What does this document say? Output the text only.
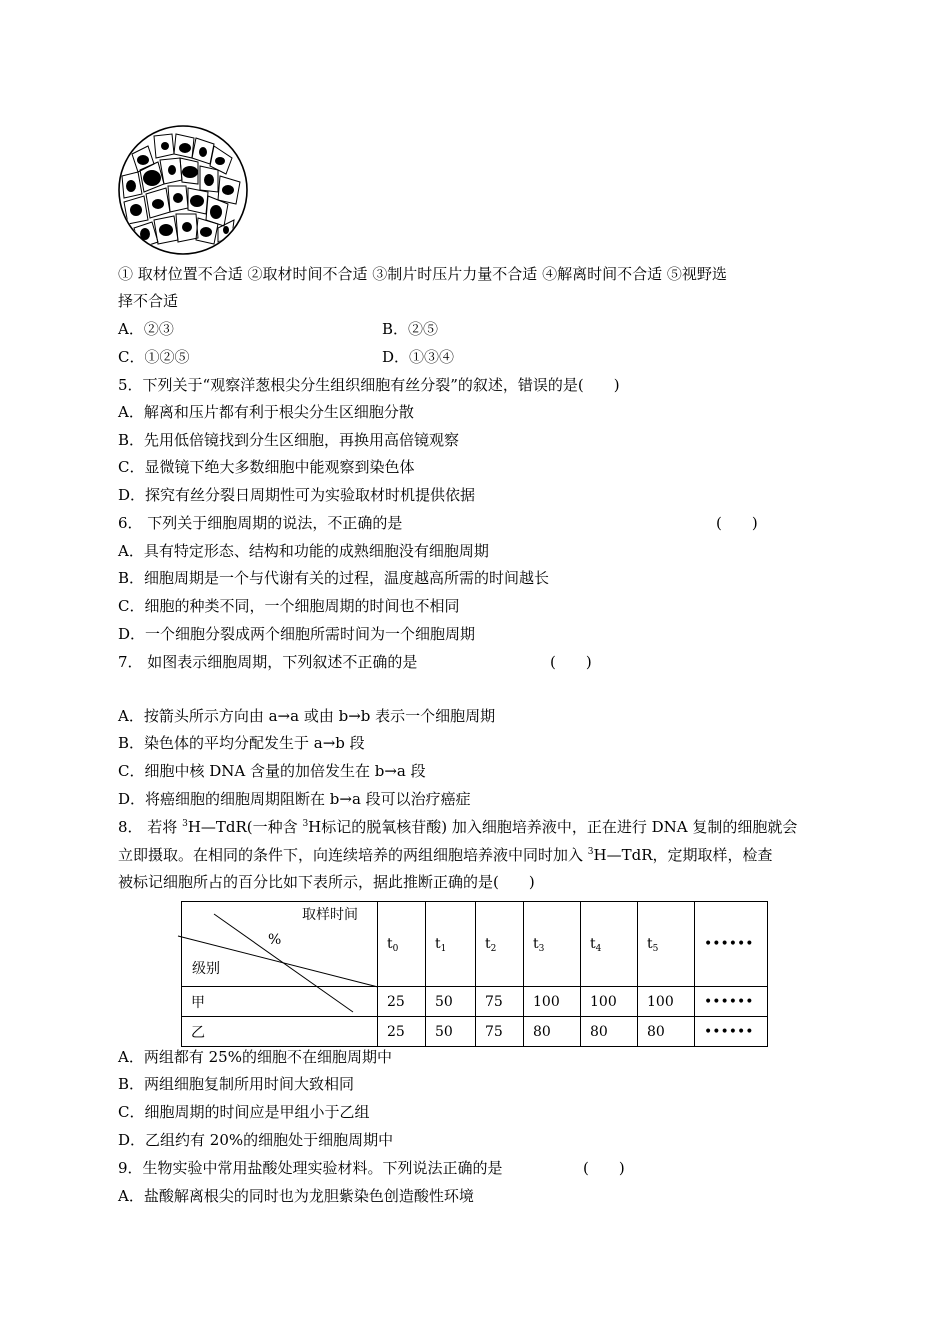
① 取材位置不合适 ②取材时间不合适 ③制片时压片力量不合适 ④解离时间不合适 ⑤视野选
择不合适
A．②③	B．②⑤
C．①②⑤	D．①③④
5．下列关于“观察洋葱根尖分生组织细胞有丝分裂”的叙述，错误的是(　　)
A．解离和压片都有利于根尖分生区细胞分散
B．先用低倍镜找到分生区细胞，再换用高倍镜观察
C．显微镜下绝大多数细胞中能观察到染色体
D．探究有丝分裂日周期性可为实验取材时机提供依据
6． 下列关于细胞周期的说法，不正确的是	(　　)
A．具有特定形态、结构和功能的成熟细胞没有细胞周期
B．细胞周期是一个与代谢有关的过程，温度越高所需的时间越长
C．细胞的种类不同，一个细胞周期的时间也不相同
D．一个细胞分裂成两个细胞所需时间为一个细胞周期
7． 如图表示细胞周期，下列叙述不正确的是	(　　)
A．按箭头所示方向由 a→a 或由 b→b 表示一个细胞周期
B．染色体的平均分配发生于 a→b 段
C．细胞中核 DNA 含量的加倍发生在 b→a 段
D．将癌细胞的细胞周期阻断在 b→a 段可以治疗癌症
8． 若将 $^3$H—TdR(一种含 $^3$H标记的脱氧核苷酸) 加入细胞培养液中，正在进行 DNA 复制的细胞就会
立即摄取。在相同的条件下，向连续培养的两组细胞培养液中同时加入 $^3$H—TdR，定期取样，检查
被标记细胞所占的百分比如下表所示，据此推断正确的是(　　)
取样时间
%
级别	$t_0$	$t_1$	$t_2$	$t_3$	$t_4$	$t_5$	••••••
甲	25	50	75	100	100	100	••••••
乙	25	50	75	80	80	80	••••••
A．两组都有 25%的细胞不在细胞周期中
B．两组细胞复制所用时间大致相同
C．细胞周期的时间应是甲组小于乙组
D．乙组约有 20%的细胞处于细胞周期中
9．生物实验中常用盐酸处理实验材料。下列说法正确的是	(　　)
A．盐酸解离根尖的同时也为龙胆紫染色创造酸性环境
